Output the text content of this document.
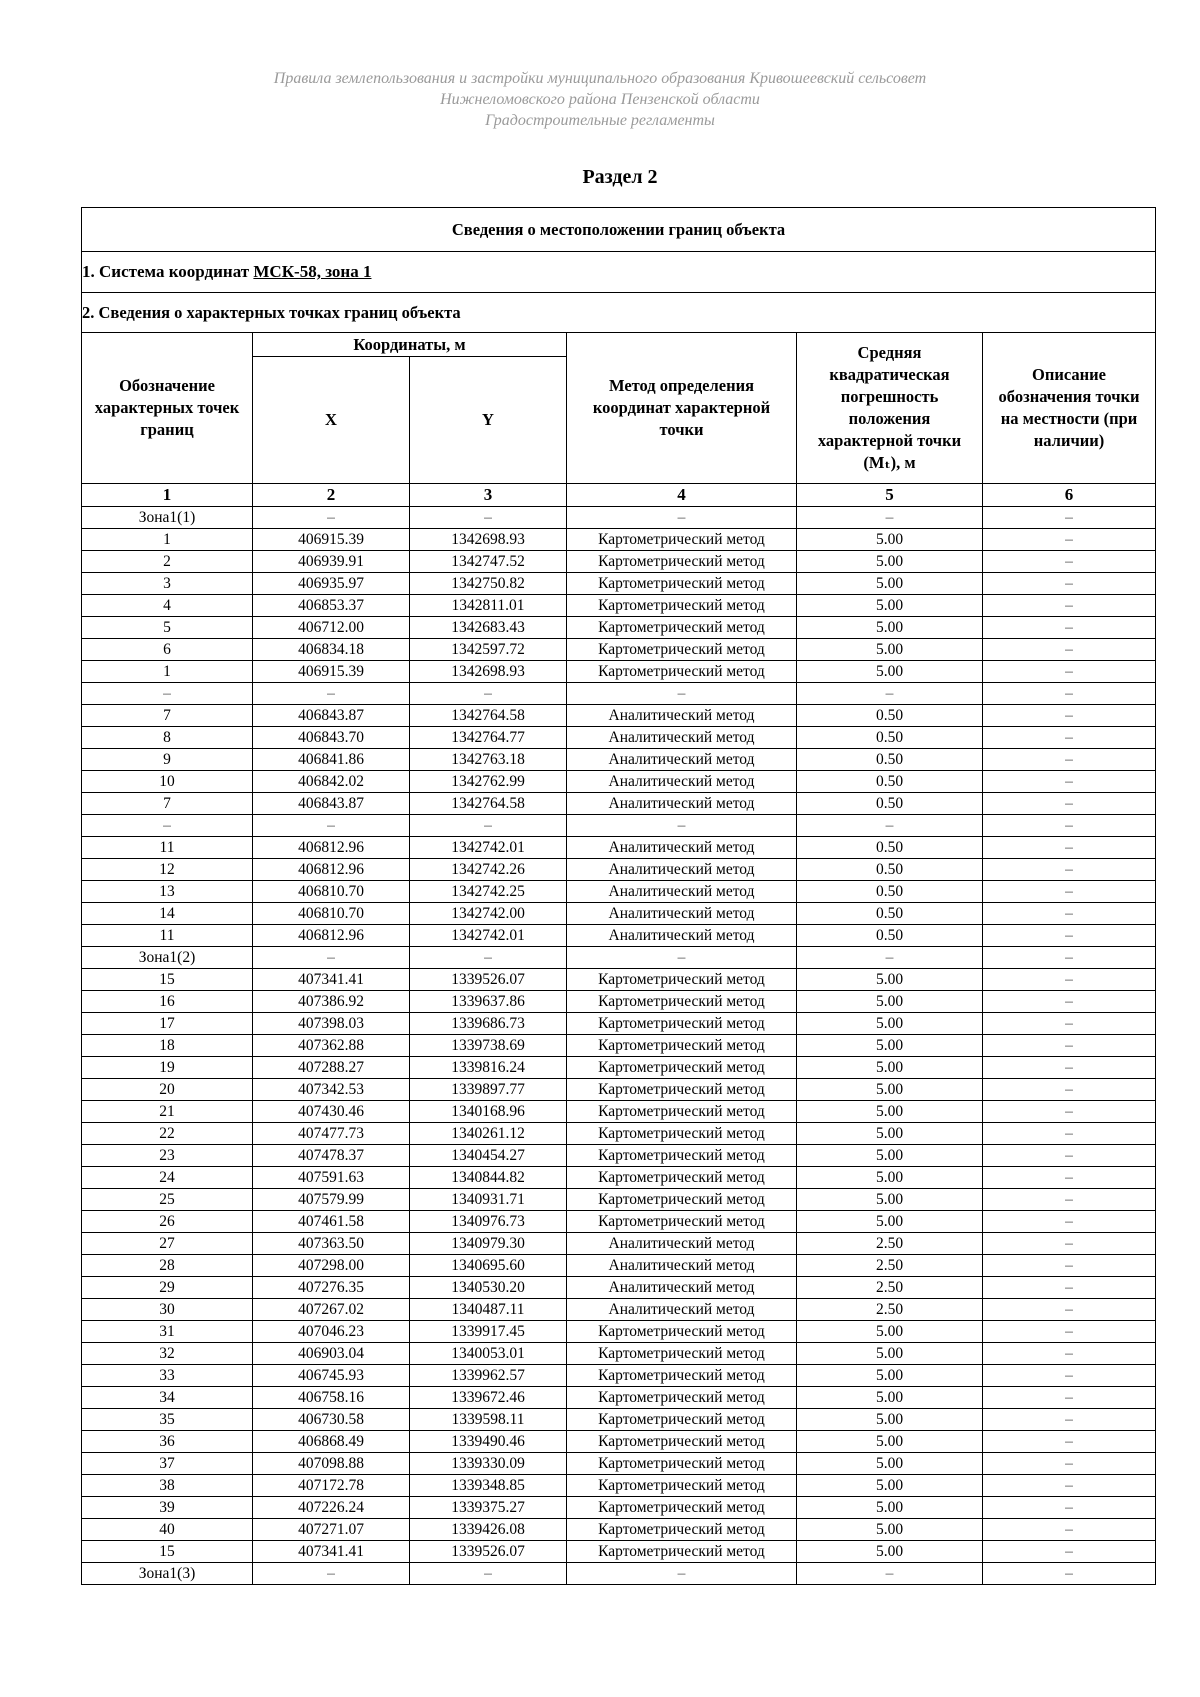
Правила землепользования и застройки муниципального образования Кривошеевский сельсовет
Нижнеломовского района Пензенской области
Градостроительные регламенты
Раздел 2
Сведения о местоположении границ объекта					
1. Система координат МСК-58, зона 1					
2. Сведения о характерных точках границ объекта					
Обозначение характерных точек границ	Координаты, м		Метод определения координат характерной точки	Средняя квадратическая погрешность положения характерной точки (Mₜ), м	Описание обозначения точки на местности (при наличии)
	X	Y			
1	2	3	4	5	6
Зона1(1)	–	–	–	–	–
1	406915.39	1342698.93	Картометрический метод	5.00	–
2	406939.91	1342747.52	Картометрический метод	5.00	–
3	406935.97	1342750.82	Картометрический метод	5.00	–
4	406853.37	1342811.01	Картометрический метод	5.00	–
5	406712.00	1342683.43	Картометрический метод	5.00	–
6	406834.18	1342597.72	Картометрический метод	5.00	–
1	406915.39	1342698.93	Картометрический метод	5.00	–
–	–	–	–	–	–
7	406843.87	1342764.58	Аналитический метод	0.50	–
8	406843.70	1342764.77	Аналитический метод	0.50	–
9	406841.86	1342763.18	Аналитический метод	0.50	–
10	406842.02	1342762.99	Аналитический метод	0.50	–
7	406843.87	1342764.58	Аналитический метод	0.50	–
–	–	–	–	–	–
11	406812.96	1342742.01	Аналитический метод	0.50	–
12	406812.96	1342742.26	Аналитический метод	0.50	–
13	406810.70	1342742.25	Аналитический метод	0.50	–
14	406810.70	1342742.00	Аналитический метод	0.50	–
11	406812.96	1342742.01	Аналитический метод	0.50	–
Зона1(2)	–	–	–	–	–
15	407341.41	1339526.07	Картометрический метод	5.00	–
16	407386.92	1339637.86	Картометрический метод	5.00	–
17	407398.03	1339686.73	Картометрический метод	5.00	–
18	407362.88	1339738.69	Картометрический метод	5.00	–
19	407288.27	1339816.24	Картометрический метод	5.00	–
20	407342.53	1339897.77	Картометрический метод	5.00	–
21	407430.46	1340168.96	Картометрический метод	5.00	–
22	407477.73	1340261.12	Картометрический метод	5.00	–
23	407478.37	1340454.27	Картометрический метод	5.00	–
24	407591.63	1340844.82	Картометрический метод	5.00	–
25	407579.99	1340931.71	Картометрический метод	5.00	–
26	407461.58	1340976.73	Картометрический метод	5.00	–
27	407363.50	1340979.30	Аналитический метод	2.50	–
28	407298.00	1340695.60	Аналитический метод	2.50	–
29	407276.35	1340530.20	Аналитический метод	2.50	–
30	407267.02	1340487.11	Аналитический метод	2.50	–
31	407046.23	1339917.45	Картометрический метод	5.00	–
32	406903.04	1340053.01	Картометрический метод	5.00	–
33	406745.93	1339962.57	Картометрический метод	5.00	–
34	406758.16	1339672.46	Картометрический метод	5.00	–
35	406730.58	1339598.11	Картометрический метод	5.00	–
36	406868.49	1339490.46	Картометрический метод	5.00	–
37	407098.88	1339330.09	Картометрический метод	5.00	–
38	407172.78	1339348.85	Картометрический метод	5.00	–
39	407226.24	1339375.27	Картометрический метод	5.00	–
40	407271.07	1339426.08	Картометрический метод	5.00	–
15	407341.41	1339526.07	Картометрический метод	5.00	–
Зона1(3)	–	–	–	–	–
